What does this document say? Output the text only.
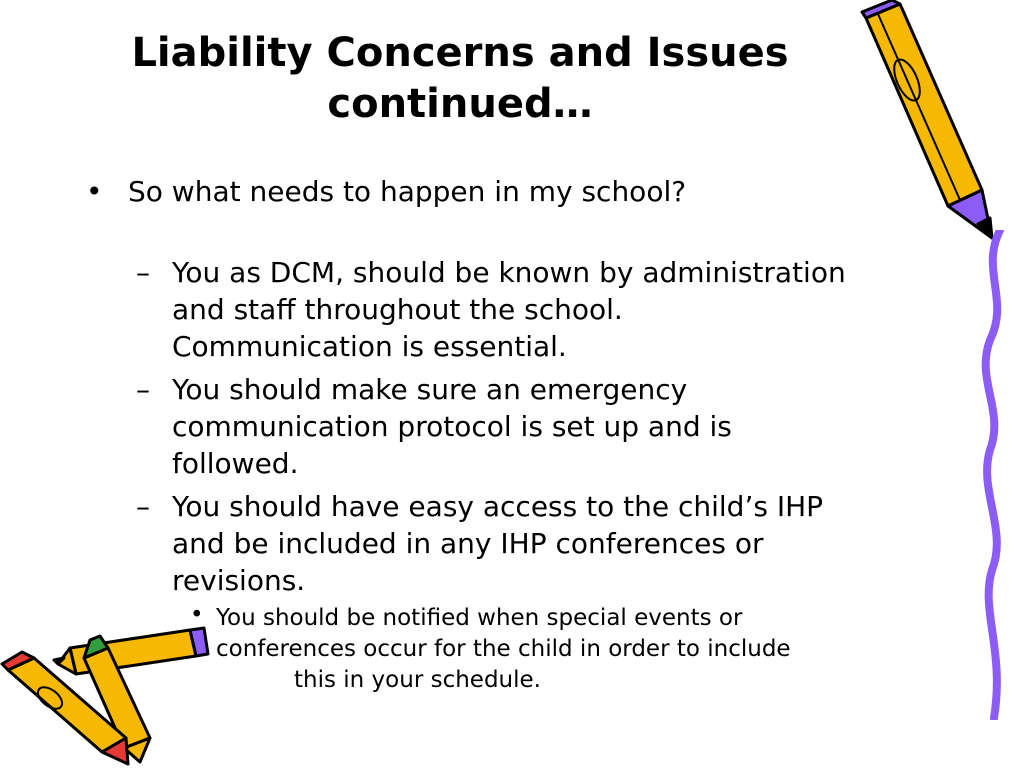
Liability Concerns and Issues
continued…
• So what needs to happen in my school?
– You as DCM, should be known by administration
and staff throughout the school.
Communication is essential.
– You should make sure an emergency
communication protocol is set up and is
followed.
– You should have easy access to the child’s IHP
and be included in any IHP conferences or
revisions.
• You should be notified when special events or
conferences occur for the child in order to include
this in your schedule.
